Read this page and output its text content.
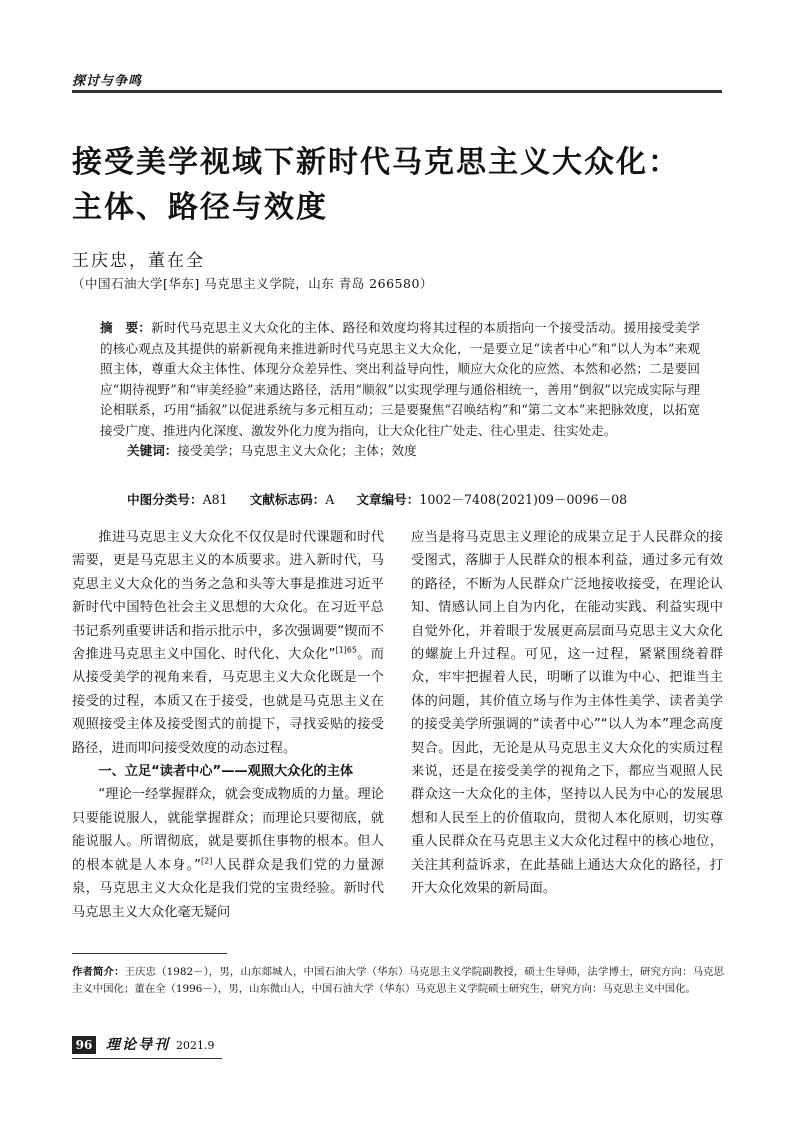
探讨与争鸣
接受美学视域下新时代马克思主义大众化：
主体、路径与效度
王庆忠，董在全
（中国石油大学[华东] 马克思主义学院，山东 青岛 266580）
摘　要：新时代马克思主义大众化的主体、路径和效度均将其过程的本质指向一个接受活动。援用接受美学的核心观点及其提供的崭新视角来推进新时代马克思主义大众化，一是要立足“读者中心”和“以人为本”来观照主体，尊重大众主体性、体现分众差异性、突出利益导向性，顺应大众化的应然、本然和必然；二是要回应“期待视野”和“审美经验”来通达路径，活用“顺叙”以实现学理与通俗相统一，善用“倒叙”以完成实际与理论相联系，巧用“插叙”以促进系统与多元相互动；三是要聚焦“召唤结构”和“第二文本”来把脉效度，以拓宽接受广度、推进内化深度、激发外化力度为指向，让大众化往广处走、往心里走、往实处走。
关键词：接受美学；马克思主义大众化；主体；效度
中图分类号：A81 文献标志码：A 文章编号：1002－7408(2021)09－0096－08

推进马克思主义大众化不仅仅是时代课题和时代需要，更是马克思主义的本质要求。进入新时代，马克思主义大众化的当务之急和头等大事是推进习近平新时代中国特色社会主义思想的大众化。在习近平总书记系列重要讲话和指示批示中，多次强调要“锲而不舍推进马克思主义中国化、时代化、大众化”$^{[1]65}$。而从接受美学的视角来看，马克思主义大众化既是一个接受的过程，本质又在于接受，也就是马克思主义在观照接受主体及接受图式的前提下，寻找妥贴的接受路径，进而叩问接受效度的动态过程。

一、立足“读者中心”——观照大众化的主体

“理论一经掌握群众，就会变成物质的力量。理论只要能说服人，就能掌握群众；而理论只要彻底，就能说服人。所谓彻底，就是要抓住事物的根本。但人的根本就是人本身。”[2]人民群众是我们党的力量源泉，马克思主义大众化是我们党的宝贵经验。新时代马克思主义大众化毫无疑问

应当是将马克思主义理论的成果立足于人民群众的接受图式，落脚于人民群众的根本利益，通过多元有效的路径，不断为人民群众广泛地接收接受，在理论认知、情感认同上自为内化，在能动实践、利益实现中自觉外化，并着眼于发展更高层面马克思主义大众化的螺旋上升过程。可见，这一过程，紧紧围绕着群众，牢牢把握着人民，明晰了以谁为中心、把谁当主体的问题，其价值立场与作为主体性美学、读者美学的接受美学所强调的“读者中心”“以人为本”理念高度契合。因此，无论是从马克思主义大众化的实质过程来说，还是在接受美学的视角之下，都应当观照人民群众这一大众化的主体，坚持以人民为中心的发展思想和人民至上的价值取向，贯彻人本化原则，切实尊重人民群众在马克思主义大众化过程中的核心地位，关注其利益诉求，在此基础上通达大众化的路径，打开大众化效果的新局面。

作者简介：王庆忠（1982－），男，山东郯城人，中国石油大学（华东）马克思主义学院副教授，硕士生导师，法学博士，研究方向：马克思主义中国化；董在全（1996－），男，山东微山人，中国石油大学（华东）马克思主义学院硕士研究生，研究方向：马克思主义中国化。
96 理论导刊 2021.9
